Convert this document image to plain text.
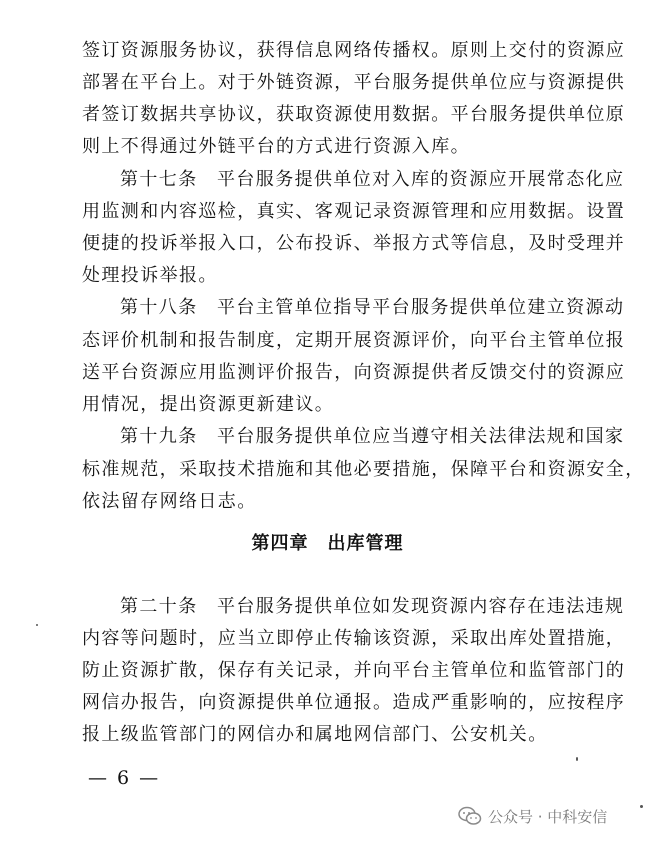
签订资源服务协议，获得信息网络传播权。原则上交付的资源应
部署在平台上。对于外链资源，平台服务提供单位应与资源提供
者签订数据共享协议，获取资源使用数据。平台服务提供单位原
则上不得通过外链平台的方式进行资源入库。
第十七条　平台服务提供单位对入库的资源应开展常态化应
用监测和内容巡检，真实、客观记录资源管理和应用数据。设置
便捷的投诉举报入口，公布投诉、举报方式等信息，及时受理并
处理投诉举报。
第十八条　平台主管单位指导平台服务提供单位建立资源动
态评价机制和报告制度，定期开展资源评价，向平台主管单位报
送平台资源应用监测评价报告，向资源提供者反馈交付的资源应
用情况，提出资源更新建议。
第十九条　平台服务提供单位应当遵守相关法律法规和国家
标准规范，采取技术措施和其他必要措施，保障平台和资源安全，
依法留存网络日志。
第四章　出库管理
第二十条　平台服务提供单位如发现资源内容存在违法违规
内容等问题时，应当立即停止传输该资源，采取出库处置措施，
防止资源扩散，保存有关记录，并向平台主管单位和监管部门的
网信办报告，向资源提供单位通报。造成严重影响的，应按程序
报上级监管部门的网信办和属地网信部门、公安机关。
— 6 —
公众号 · 中科安信
